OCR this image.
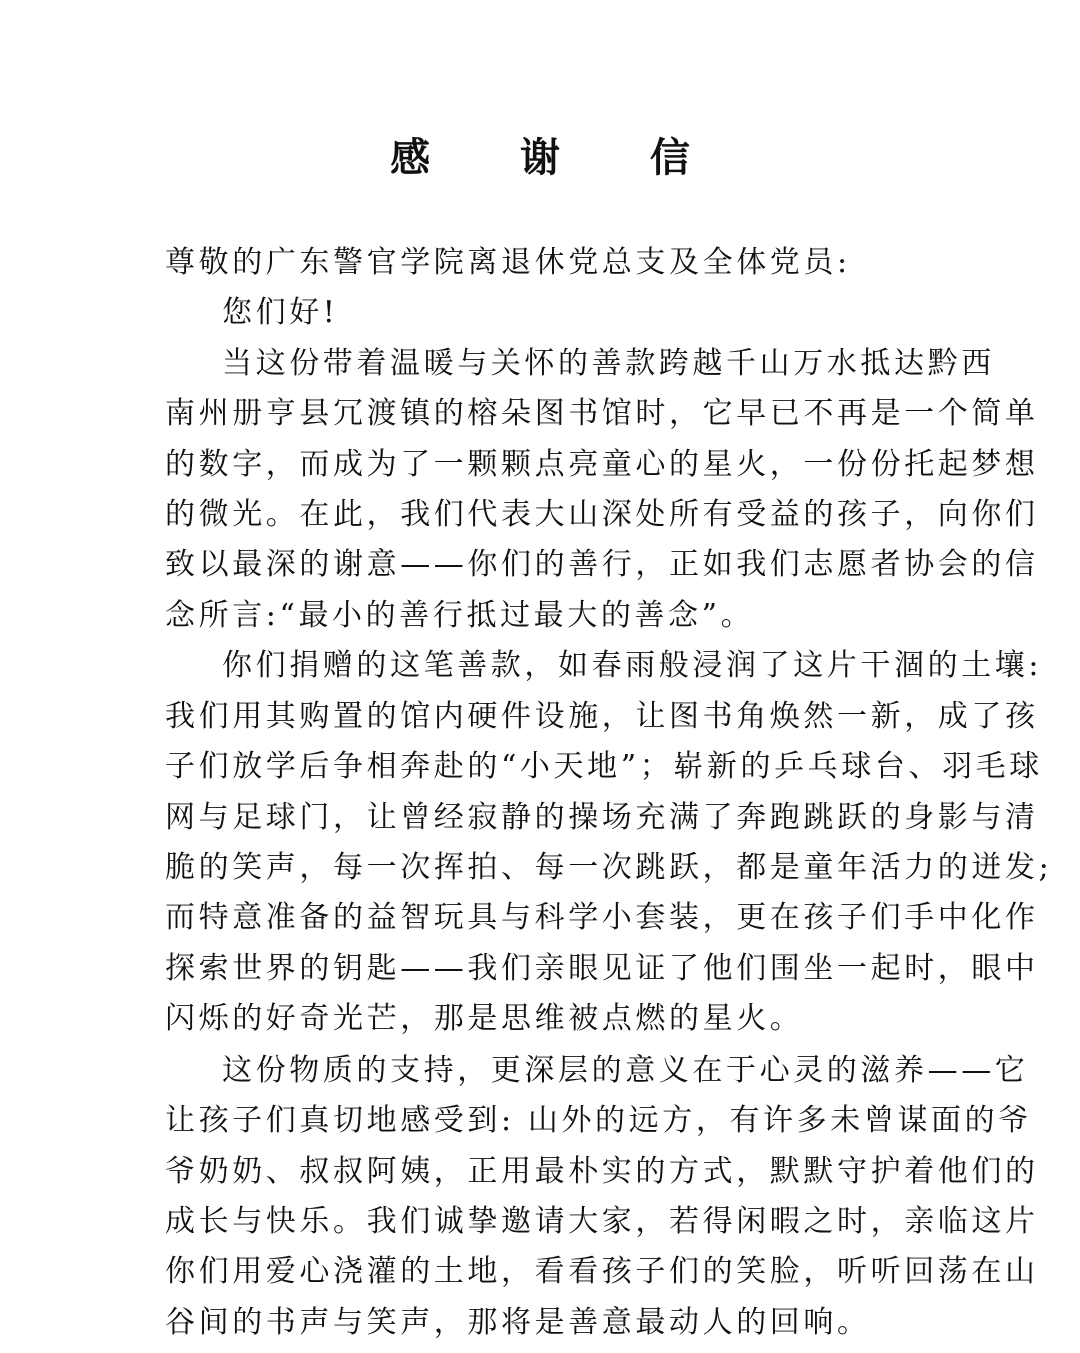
感 谢 信
尊敬的广东警官学院离退休党总支及全体党员:
您们好!
当这份带着温暖与关怀的善款跨越千山万水抵达黔西
南州册亨县冗渡镇的榕朵图书馆时，它早已不再是一个简单
的数字，而成为了一颗颗点亮童心的星火，一份份托起梦想
的微光。在此，我们代表大山深处所有受益的孩子，向你们
致以最深的谢意——你们的善行，正如我们志愿者协会的信
念所言:“最小的善行抵过最大的善念”。
你们捐赠的这笔善款，如春雨般浸润了这片干涸的土壤:
我们用其购置的馆内硬件设施，让图书角焕然一新，成了孩
子们放学后争相奔赴的“小天地”；崭新的乒乓球台、羽毛球
网与足球门，让曾经寂静的操场充满了奔跑跳跃的身影与清
脆的笑声，每一次挥拍、每一次跳跃，都是童年活力的迸发;
而特意准备的益智玩具与科学小套装，更在孩子们手中化作
探索世界的钥匙——我们亲眼见证了他们围坐一起时，眼中
闪烁的好奇光芒，那是思维被点燃的星火。
这份物质的支持，更深层的意义在于心灵的滋养——它
让孩子们真切地感受到: 山外的远方，有许多未曾谋面的爷
爷奶奶、叔叔阿姨，正用最朴实的方式，默默守护着他们的
成长与快乐。我们诚挚邀请大家，若得闲暇之时，亲临这片
你们用爱心浇灌的土地，看看孩子们的笑脸，听听回荡在山
谷间的书声与笑声，那将是善意最动人的回响。
